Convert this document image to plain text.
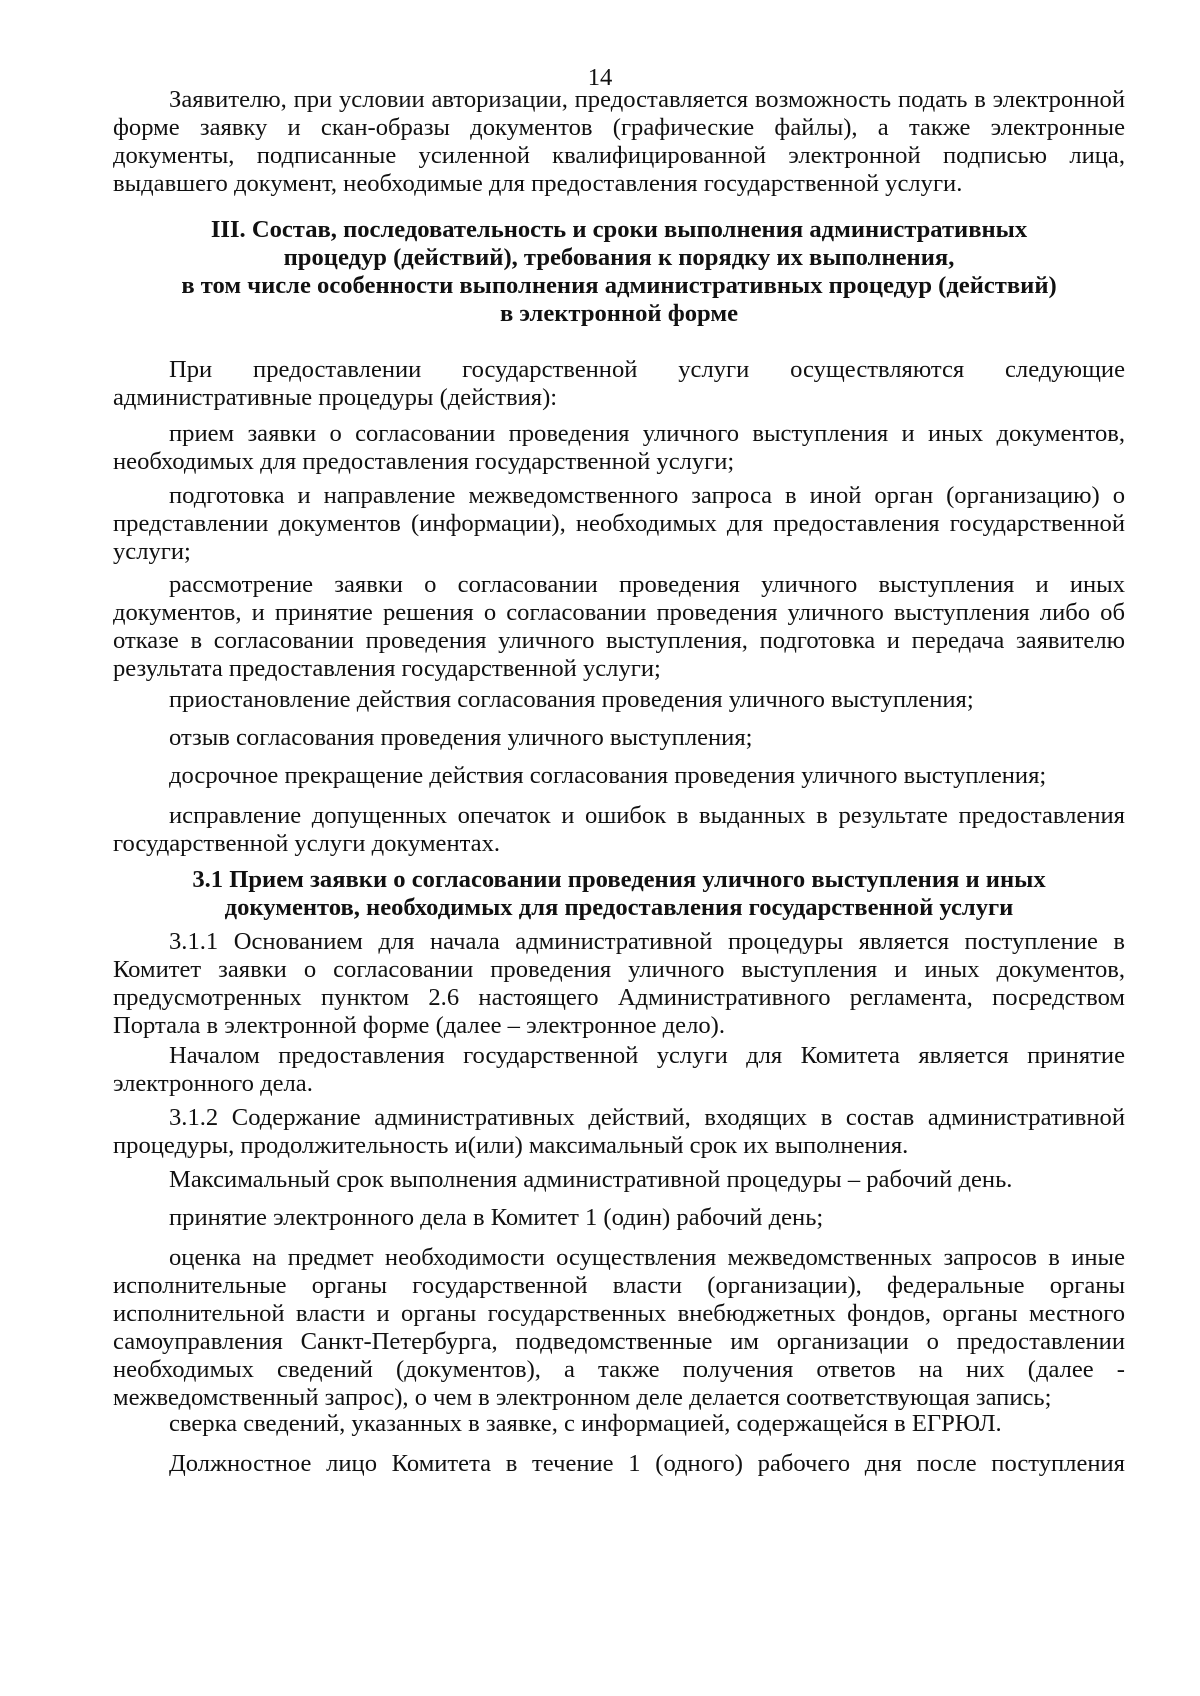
14

Заявителю, при условии авторизации, предоставляется возможность подать в электронной форме заявку и скан-образы документов (графические файлы), а также электронные документы, подписанные усиленной квалифицированной электронной подписью лица, выдавшего документ, необходимые для предоставления государственной услуги.

III. Состав, последовательность и сроки выполнения административных

процедур (действий), требования к порядку их выполнения,

в том числе особенности выполнения административных процедур (действий)

в электронной форме

При предоставлении государственной услуги осуществляются следующие административные процедуры (действия):

прием заявки о согласовании проведения уличного выступления и иных документов, необходимых для предоставления государственной услуги;

подготовка и направление межведомственного запроса в иной орган (организацию) о представлении документов (информации), необходимых для предоставления государственной услуги;

рассмотрение заявки о согласовании проведения уличного выступления и иных документов, и принятие решения о согласовании проведения уличного выступления либо об отказе в согласовании проведения уличного выступления, подготовка и передача заявителю результата предоставления государственной услуги;

приостановление действия согласования проведения уличного выступления;

отзыв согласования проведения уличного выступления;

досрочное прекращение действия согласования проведения уличного выступления;

исправление допущенных опечаток и ошибок в выданных в результате предоставления государственной услуги документах.

3.1 Прием заявки о согласовании проведения уличного выступления и иных

документов, необходимых для предоставления государственной услуги

3.1.1 Основанием для начала административной процедуры является поступление в Комитет заявки о согласовании проведения уличного выступления и иных документов, предусмотренных пунктом 2.6 настоящего Административного регламента, посредством Портала в электронной форме (далее – электронное дело).

Началом предоставления государственной услуги для Комитета является принятие электронного дела.

3.1.2 Содержание административных действий, входящих в состав административной процедуры, продолжительность и(или) максимальный срок их выполнения.

Максимальный срок выполнения административной процедуры – рабочий день.

принятие электронного дела в Комитет 1 (один) рабочий день;

оценка на предмет необходимости осуществления межведомственных запросов в иные исполнительные органы государственной власти (организации), федеральные органы исполнительной власти и органы государственных внебюджетных фондов, органы местного самоуправления Санкт-Петербурга, подведомственные им организации о предоставлении необходимых сведений (документов), а также получения ответов на них (далее - межведомственный запрос), о чем в электронном деле делается соответствующая запись;

сверка сведений, указанных в заявке, с информацией, содержащейся в ЕГРЮЛ.

Должностное лицо Комитета в течение 1 (одного) рабочего дня после поступления
